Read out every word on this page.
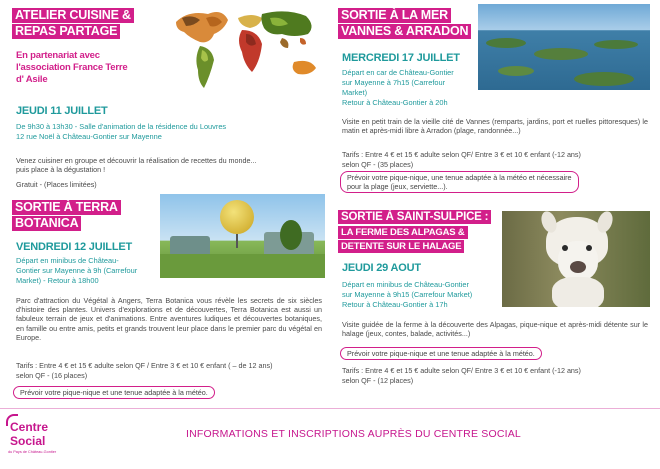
ATELIER CUISINE &
REPAS PARTAGE
En partenariat avec
l'association France Terre
d' Asile
JEUDI 11 JUILLET
De 9h30 à 13h30 - Salle d'animation de la résidence du Louvres
12 rue Noël à Château-Gontier sur Mayenne
Venez cuisiner en groupe et découvrir la réalisation de recettes du monde...
puis place à la dégustation !
Gratuit - (Places limitées)
SORTIE À TERRA
BOTANICA
VENDREDI 12 JUILLET
Départ en minibus de Château-
Gontier sur Mayenne à 9h (Carrefour
Market) - Retour à 18h00
Parc d'attraction du Végétal à Angers, Terra Botanica vous révèle les secrets de six siècles d'histoire des plantes. Univers d'explorations et de découvertes, Terra Botanica est aussi un fabuleux terrain de jeux et d'animations. Entre aventures ludiques et découvertes botaniques, en famille ou entre amis, petits et grands trouvent leur place dans le premier parc du végétal en Europe.
Tarifs : Entre 4 € et 15 € adulte selon QF / Entre 3 € et 10 € enfant ( – de 12 ans)
selon QF - (16 places)
Prévoir votre pique-nique et une tenue adaptée à la météo.
SORTIE À LA MER
VANNES & ARRADON
MERCREDI 17 JUILLET
Départ en car de Château-Gontier
sur Mayenne à 7h15 (Carrefour
Market)
Retour à Château-Gontier à 20h
Visite en petit train de la vieille cité de Vannes (remparts, jardins, port et ruelles pittoresques) le matin et après-midi libre à Arradon (plage, randonnée...)
Tarifs : Entre 4 € et 15 € adulte selon QF/ Entre 3 € et 10 € enfant (-12 ans)
selon QF - (35 places)
Prévoir votre pique-nique, une tenue adaptée à la météo et nécessaire
pour la plage (jeux, serviette...).
SORTIE À SAINT-SULPICE :
LA FERME DES ALPAGAS &
DETENTE SUR LE HALAGE
JEUDI 29 AOUT
Départ en minibus de Château-Gontier
sur Mayenne à 9h15 (Carrefour Market)
Retour à Château-Gontier à 17h
Visite guidée de la ferme à la découverte des Alpagas, pique-nique et après-midi détente sur le halage (jeux, contes, balade, activités...)
Prévoir votre pique-nique et une tenue adaptée à la météo.
Tarifs : Entre 4 € et 15 € adulte selon QF/ Entre 3 € et 10 € enfant (-12 ans)
selon QF - (12 places)
Centre
Social
du Pays de Château-Gontier
INFORMATIONS ET INSCRIPTIONS AUPRÈS DU CENTRE SOCIAL
